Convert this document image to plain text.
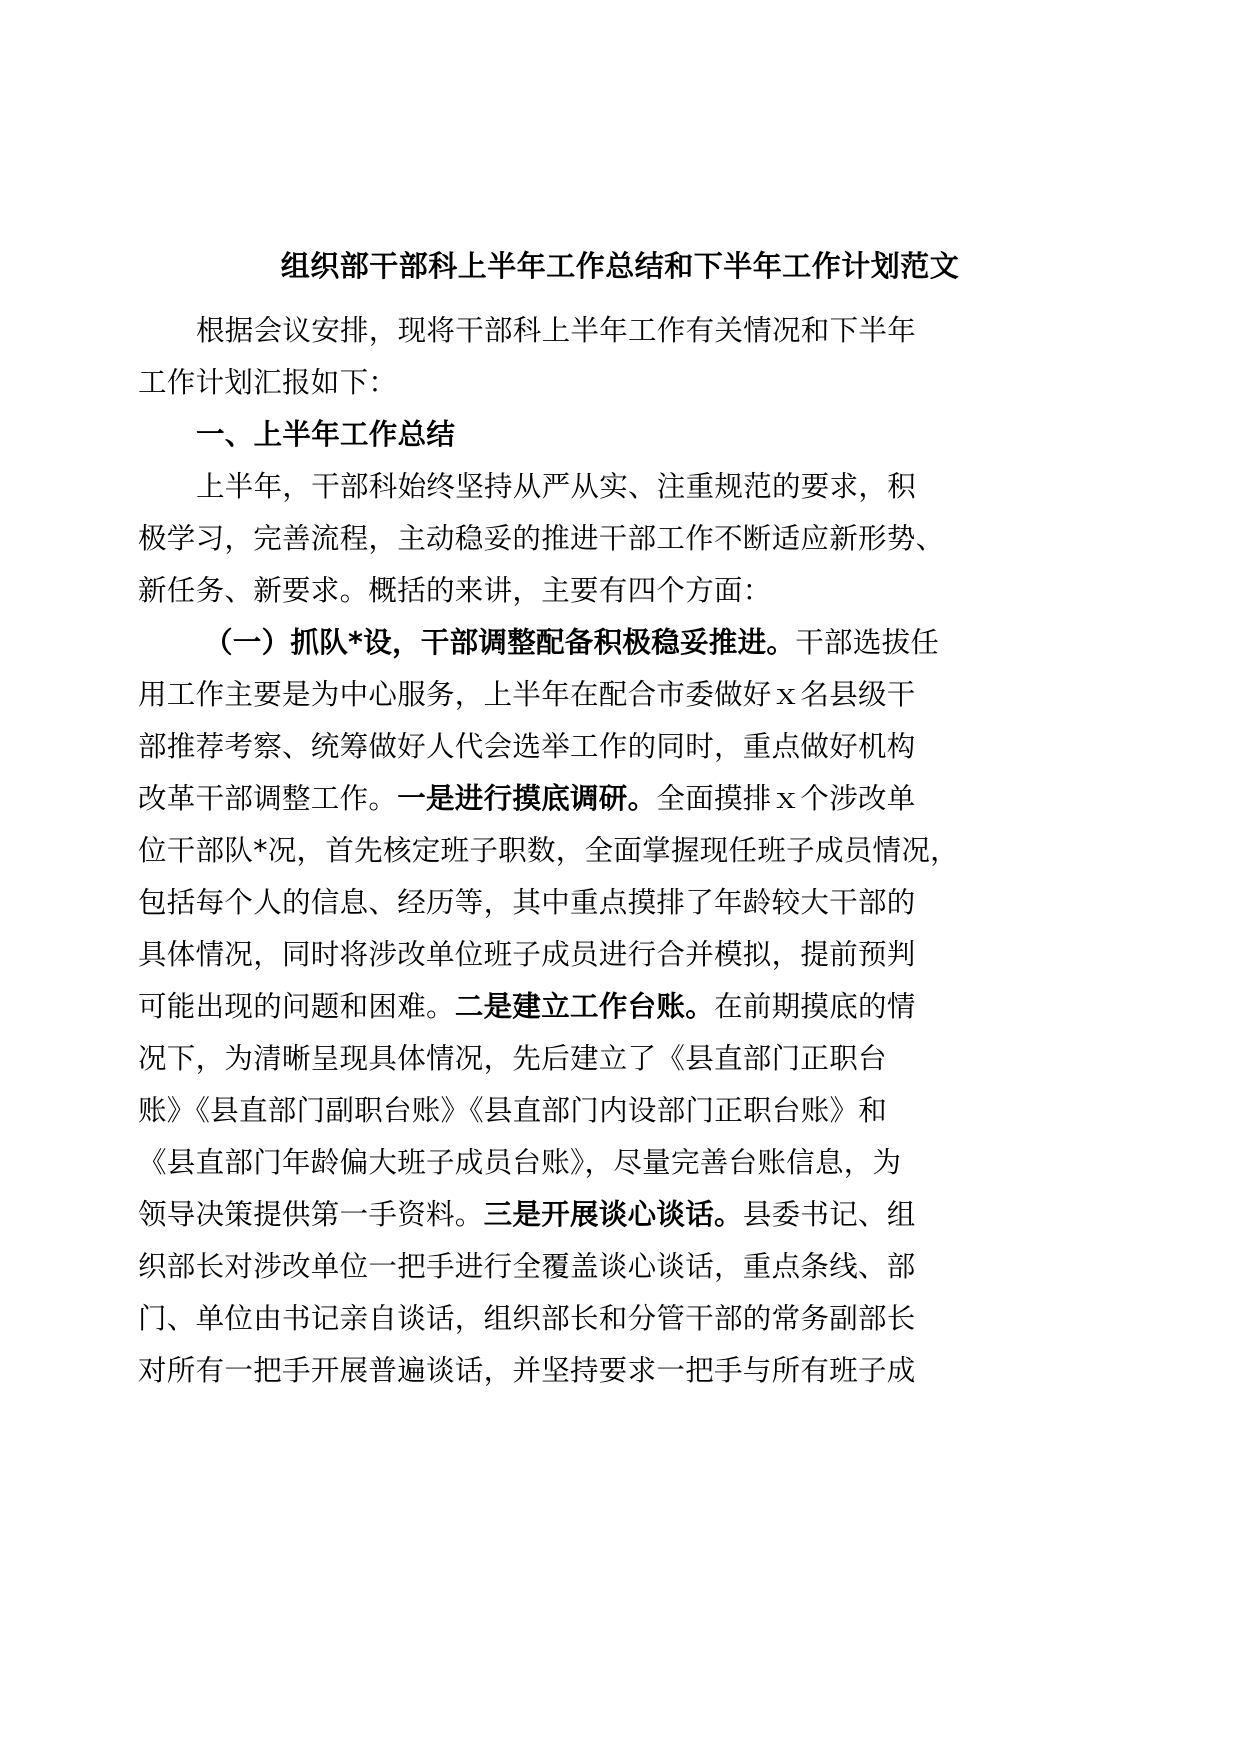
组织部干部科上半年工作总结和下半年工作计划范文
根据会议安排，现将干部科上半年工作有关情况和下半年
工作计划汇报如下：
一、上半年工作总结
上半年，干部科始终坚持从严从实、注重规范的要求，积
极学习，完善流程，主动稳妥的推进干部工作不断适应新形势、
新任务、新要求。概括的来讲，主要有四个方面：
（一）抓队*设，干部调整配备积极稳妥推进。干部选拔任
用工作主要是为中心服务，上半年在配合市委做好ｘ名县级干
部推荐考察、统筹做好人代会选举工作的同时，重点做好机构
改革干部调整工作。一是进行摸底调研。全面摸排ｘ个涉改单
位干部队*况，首先核定班子职数，全面掌握现任班子成员情况，
包括每个人的信息、经历等，其中重点摸排了年龄较大干部的
具体情况，同时将涉改单位班子成员进行合并模拟，提前预判
可能出现的问题和困难。二是建立工作台账。在前期摸底的情
况下，为清晰呈现具体情况，先后建立了《县直部门正职台
账》《县直部门副职台账》《县直部门内设部门正职台账》和
《县直部门年龄偏大班子成员台账》，尽量完善台账信息，为
领导决策提供第一手资料。三是开展谈心谈话。县委书记、组
织部长对涉改单位一把手进行全覆盖谈心谈话，重点条线、部
门、单位由书记亲自谈话，组织部长和分管干部的常务副部长
对所有一把手开展普遍谈话，并坚持要求一把手与所有班子成
